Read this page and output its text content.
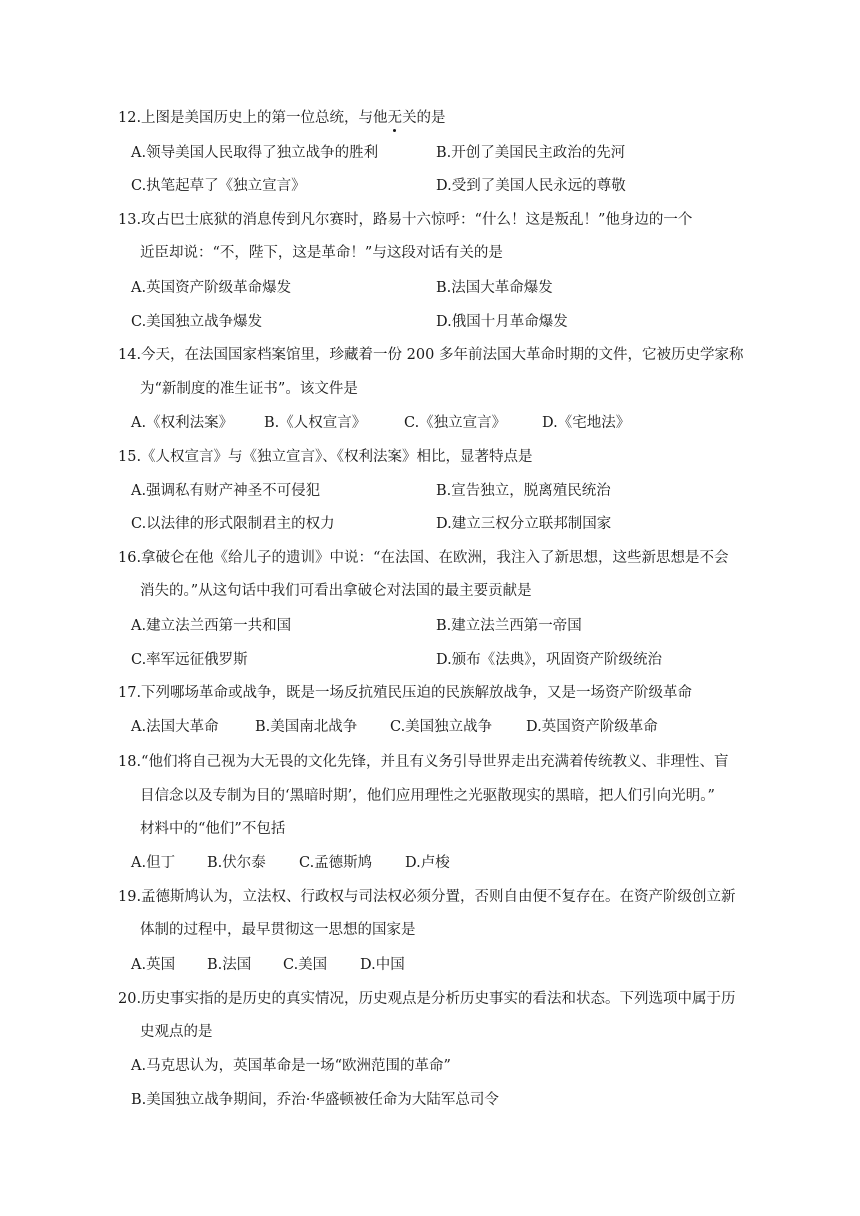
12.上图是美国历史上的第一位总统，与他无关的是
A.领导美国人民取得了独立战争的胜利	B.开创了美国民主政治的先河
C.执笔起草了《独立宣言》	D.受到了美国人民永远的尊敬
13.攻占巴士底狱的消息传到凡尔赛时，路易十六惊呼：“什么！这是叛乱！”他身边的一个
近臣却说：“不，陛下，这是革命！”与这段对话有关的是
A.英国资产阶级革命爆发	B.法国大革命爆发
C.美国独立战争爆发	D.俄国十月革命爆发
14.今天，在法国国家档案馆里，珍藏着一份 200 多年前法国大革命时期的文件，它被历史学家称
为“新制度的准生证书”。该文件是
A.《权利法案》 B.《人权宣言》	C.《独立宣言》 D.《宅地法》
15.《人权宣言》与《独立宣言》、《权利法案》相比，显著特点是
A.强调私有财产神圣不可侵犯	B.宣告独立，脱离殖民统治
C.以法律的形式限制君主的权力	D.建立三权分立联邦制国家
16.拿破仑在他《给儿子的遗训》中说：“在法国、在欧洲，我注入了新思想，这些新思想是不会
消失的。”从这句话中我们可看出拿破仑对法国的最主要贡献是
A.建立法兰西第一共和国	B.建立法兰西第一帝国
C.率军远征俄罗斯	D.颁布《法典》，巩固资产阶级统治
17.下列哪场革命或战争，既是一场反抗殖民压迫的民族解放战争，又是一场资产阶级革命
A.法国大革命	B.美国南北战争 C.美国独立战争 D.英国资产阶级革命
18.“他们将自己视为大无畏的文化先锋，并且有义务引导世界走出充满着传统教义、非理性、盲
目信念以及专制为目的‘黑暗时期’，他们应用理性之光驱散现实的黑暗，把人们引向光明。”
材料中的“他们”不包括
A.但丁 B.伏尔泰 C.孟德斯鸠 D.卢梭
19.孟德斯鸠认为，立法权、行政权与司法权必须分置，否则自由便不复存在。在资产阶级创立新
体制的过程中，最早贯彻这一思想的国家是
A.英国 B.法国 C.美国 D.中国
20.历史事实指的是历史的真实情况，历史观点是分析历史事实的看法和状态。下列选项中属于历
史观点的是
A.马克思认为，英国革命是一场“欧洲范围的革命”
B.美国独立战争期间，乔治·华盛顿被任命为大陆军总司令
